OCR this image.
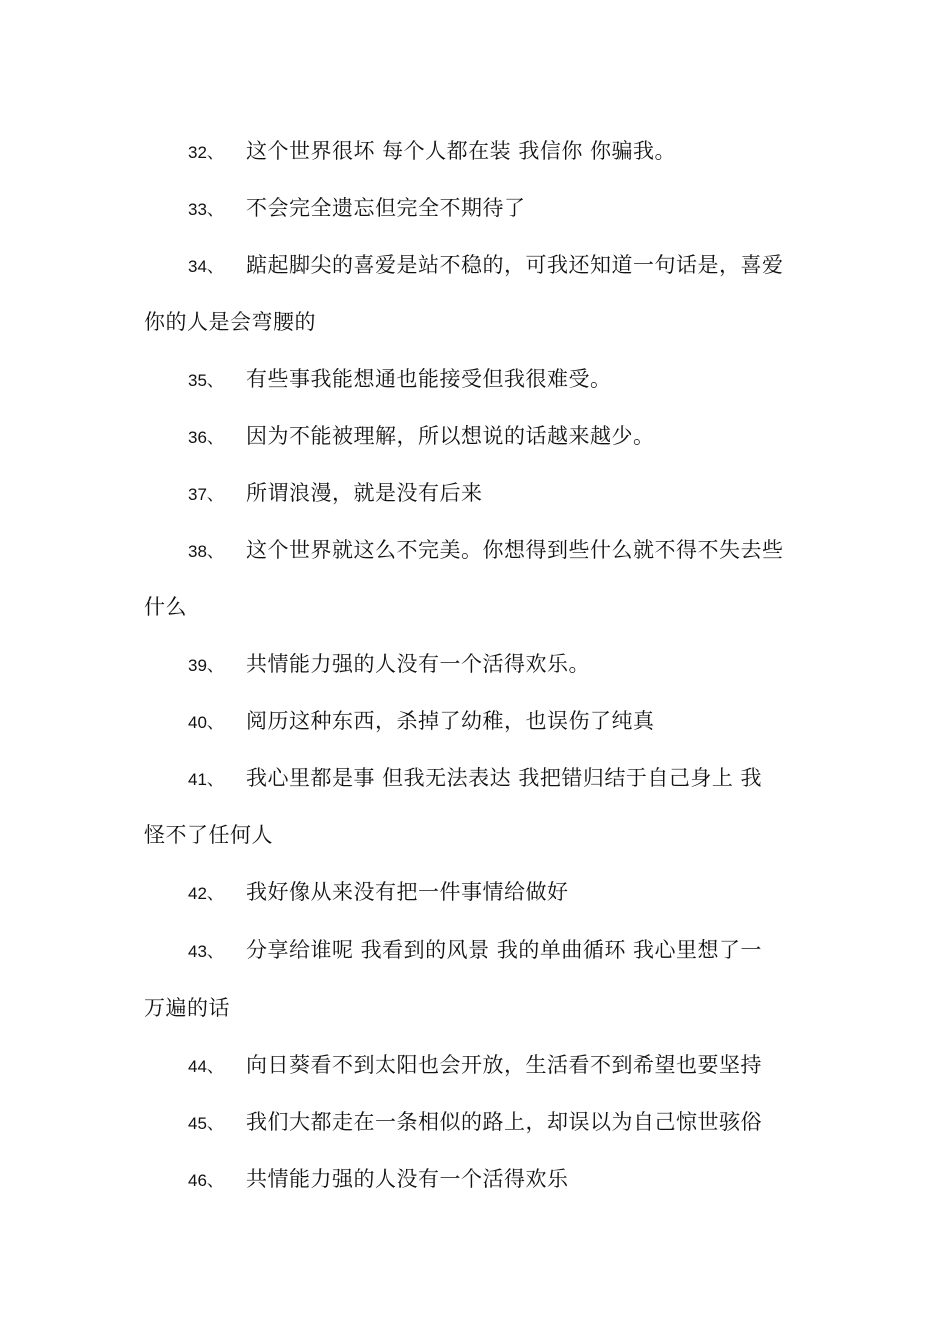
32、 这个世界很坏 每个人都在装 我信你 你骗我。
33、 不会完全遗忘但完全不期待了
34、 踮起脚尖的喜爱是站不稳的，可我还知道一句话是，喜爱
你的人是会弯腰的
35、 有些事我能想通也能接受但我很难受。
36、 因为不能被理解，所以想说的话越来越少。
37、 所谓浪漫，就是没有后来
38、 这个世界就这么不完美。你想得到些什么就不得不失去些
什么
39、 共情能力强的人没有一个活得欢乐。
40、 阅历这种东西，杀掉了幼稚，也误伤了纯真
41、 我心里都是事 但我无法表达 我把错归结于自己身上 我
怪不了任何人
42、 我好像从来没有把一件事情给做好
43、 分享给谁呢 我看到的风景 我的单曲循环 我心里想了一
万遍的话
44、 向日葵看不到太阳也会开放，生活看不到希望也要坚持
45、 我们大都走在一条相似的路上，却误以为自己惊世骇俗
46、 共情能力强的人没有一个活得欢乐
